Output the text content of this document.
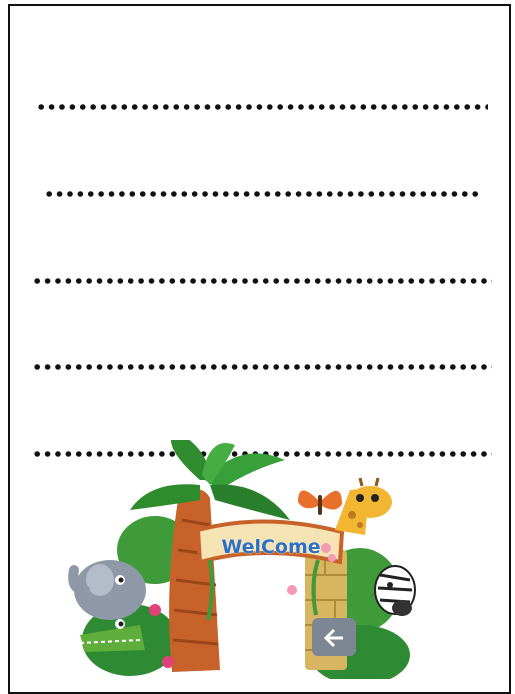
WelCome
